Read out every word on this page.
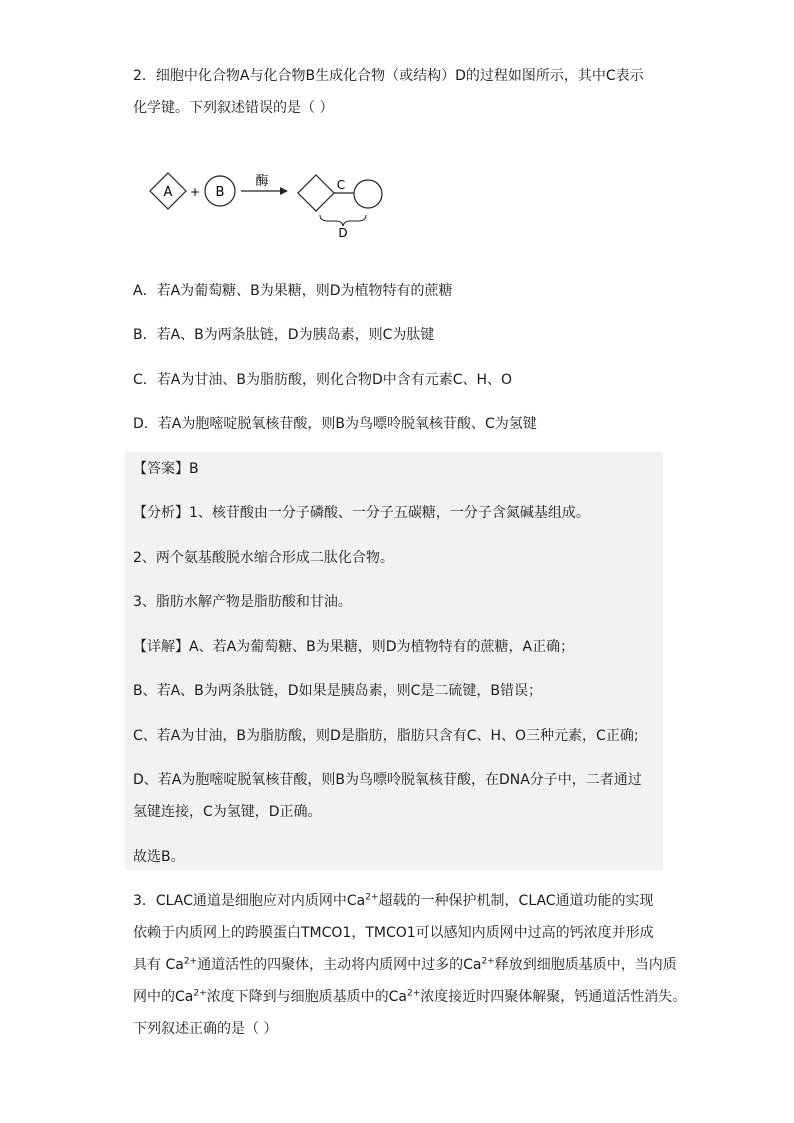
2．细胞中化合物A与化合物B生成化合物（或结构）D的过程如图所示，其中C表示
化学键。下列叙述错误的是（ ）
A + B
酶	C
D
A．若A为葡萄糖、B为果糖，则D为植物特有的蔗糖
B．若A、B为两条肽链，D为胰岛素，则C为肽键
C．若A为甘油、B为脂肪酸，则化合物D中含有元素C、H、O
D．若A为胞嘧啶脱氧核苷酸，则B为鸟嘌呤脱氧核苷酸、C为氢键
【答案】B
【分析】1、核苷酸由一分子磷酸、一分子五碳糖，一分子含氮碱基组成。
2、两个氨基酸脱水缩合形成二肽化合物。
3、脂肪水解产物是脂肪酸和甘油。
【详解】A、若A为葡萄糖、B为果糖，则D为植物特有的蔗糖，A正确；
B、若A、B为两条肽链，D如果是胰岛素，则C是二硫键，B错误；
C、若A为甘油，B为脂肪酸，则D是脂肪，脂肪只含有C、H、O三种元素，C正确;
D、若A为胞嘧啶脱氧核苷酸，则B为鸟嘌呤脱氧核苷酸，在DNA分子中，二者通过
氢键连接，C为氢键，D正确。
故选B。
3．CLAC通道是细胞应对内质网中$Ca^{2+}$超载的一种保护机制，CLAC通道功能的实现
依赖于内质网上的跨膜蛋白TMCO1，TMCO1可以感知内质网中过高的钙浓度并形成
具有 $Ca^{2+}$通道活性的四聚体，主动将内质网中过多的$Ca^{2+}$释放到细胞质基质中，当内质
网中的$Ca^{2+}$浓度下降到与细胞质基质中的$Ca^{2+}$浓度接近时四聚体解聚，钙通道活性消失。
下列叙述正确的是（ ）
